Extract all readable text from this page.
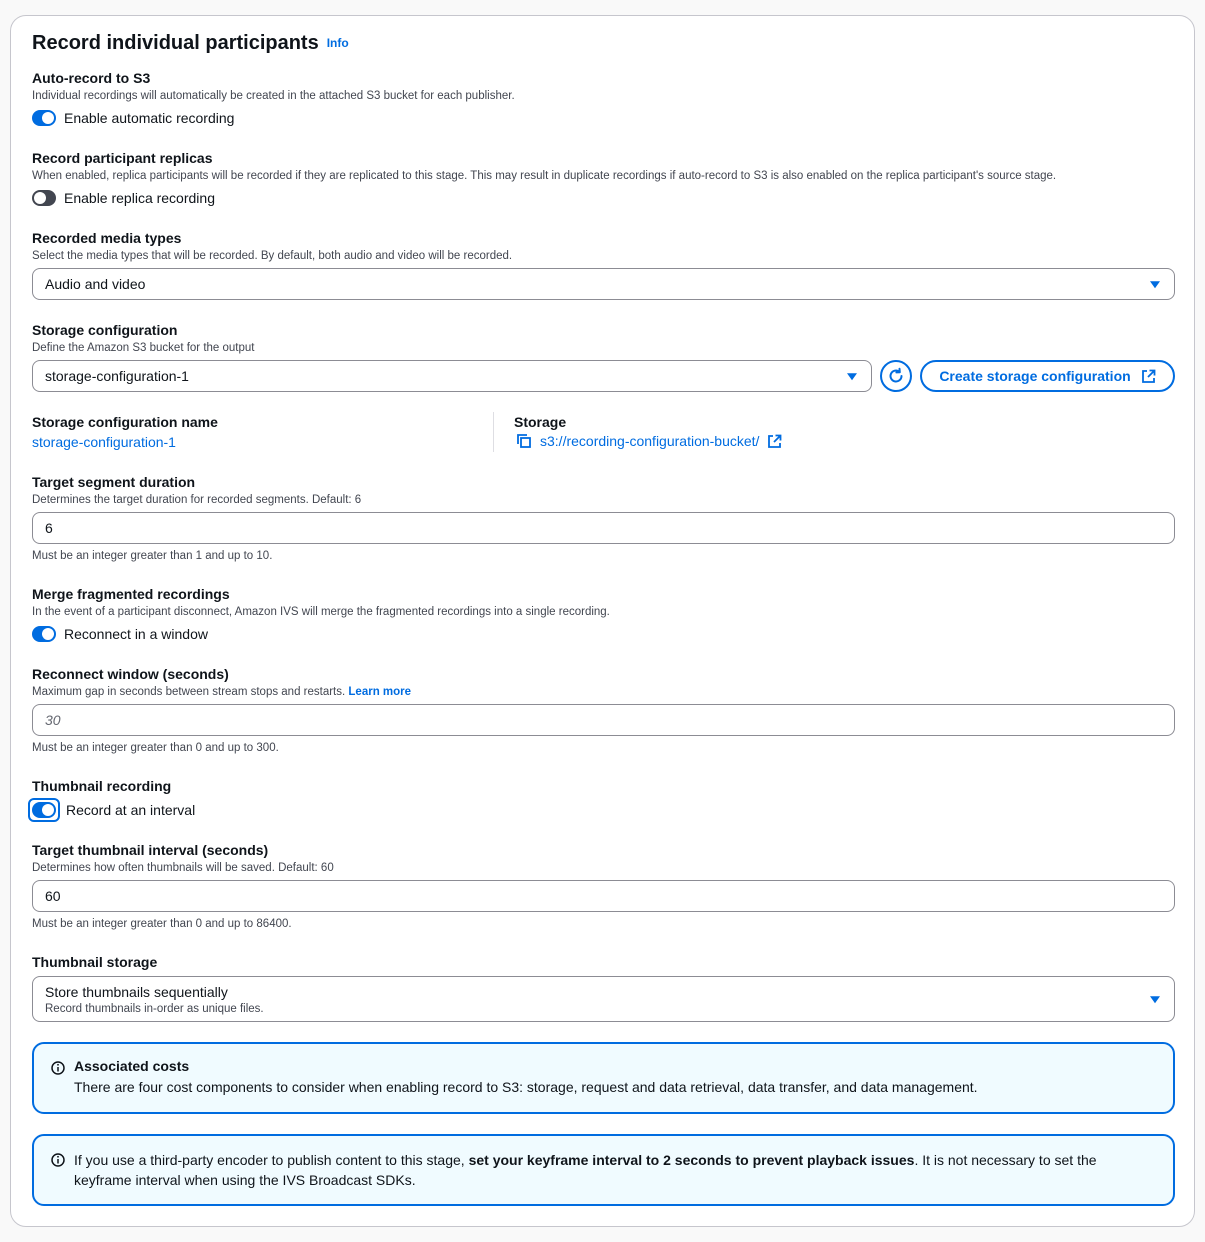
Record individual participants Info
Auto-record to S3
Individual recordings will automatically be created in the attached S3 bucket for each publisher.
Enable automatic recording
Record participant replicas
When enabled, replica participants will be recorded if they are replicated to this stage. This may result in duplicate recordings if auto-record to S3 is also enabled on the replica participant's source stage.
Enable replica recording
Recorded media types
Select the media types that will be recorded. By default, both audio and video will be recorded.
Audio and video
Storage configuration
Define the Amazon S3 bucket for the output
storage-configuration-1	Create storage configuration
Storage configuration name
storage-configuration-1
Storage
s3://recording-configuration-bucket/
Target segment duration
Determines the target duration for recorded segments. Default: 6
6
Must be an integer greater than 1 and up to 10.
Merge fragmented recordings
In the event of a participant disconnect, Amazon IVS will merge the fragmented recordings into a single recording.
Reconnect in a window
Reconnect window (seconds)
Maximum gap in seconds between stream stops and restarts. Learn more
30
Must be an integer greater than 0 and up to 300.
Thumbnail recording
Record at an interval
Target thumbnail interval (seconds)
Determines how often thumbnails will be saved. Default: 60
60
Must be an integer greater than 0 and up to 86400.
Thumbnail storage
Store thumbnails sequentially
Record thumbnails in-order as unique files.
Associated costs
There are four cost components to consider when enabling record to S3: storage, request and data retrieval, data transfer, and data management.
If you use a third-party encoder to publish content to this stage, set your keyframe interval to 2 seconds to prevent playback issues. It is not necessary to set the keyframe interval when using the IVS Broadcast SDKs.
